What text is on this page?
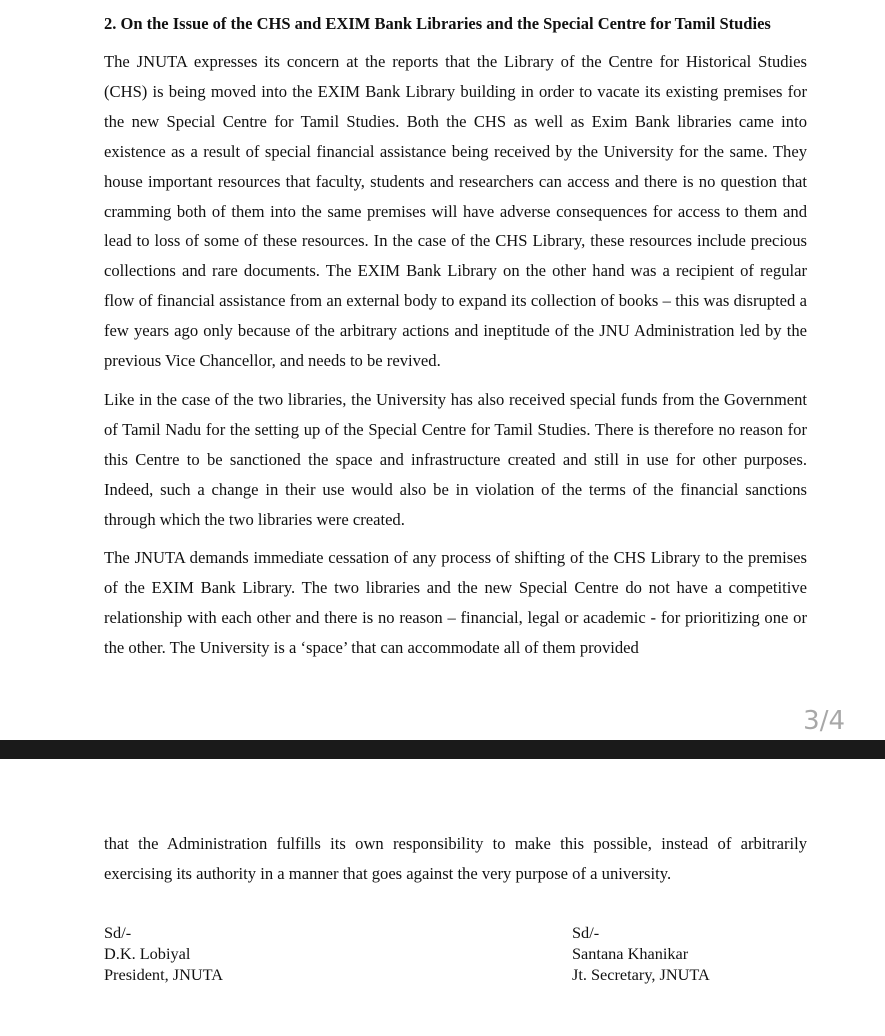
2. On the Issue of the CHS and EXIM Bank Libraries and the Special Centre for Tamil Studies

The JNUTA expresses its concern at the reports that the Library of the Centre for Historical Studies (CHS) is being moved into the EXIM Bank Library building in order to vacate its existing premises for the new Special Centre for Tamil Studies. Both the CHS as well as Exim Bank libraries came into existence as a result of special financial assistance being received by the University for the same. They house important resources that faculty, students and researchers can access and there is no question that cramming both of them into the same premises will have adverse consequences for access to them and lead to loss of some of these resources. In the case of the CHS Library, these resources include precious collections and rare documents. The EXIM Bank Library on the other hand was a recipient of regular flow of financial assistance from an external body to expand its collection of books – this was disrupted a few years ago only because of the arbitrary actions and ineptitude of the JNU Administration led by the previous Vice Chancellor, and needs to be revived.

Like in the case of the two libraries, the University has also received special funds from the Government of Tamil Nadu for the setting up of the Special Centre for Tamil Studies. There is therefore no reason for this Centre to be sanctioned the space and infrastructure created and still in use for other purposes. Indeed, such a change in their use would also be in violation of the terms of the financial sanctions through which the two libraries were created.

The JNUTA demands immediate cessation of any process of shifting of the CHS Library to the premises of the EXIM Bank Library. The two libraries and the new Special Centre do not have a competitive relationship with each other and there is no reason – financial, legal or academic - for prioritizing one or the other. The University is a ‘space’ that can accommodate all of them provided

3/4

that the Administration fulfills its own responsibility to make this possible, instead of arbitrarily exercising its authority in a manner that goes against the very purpose of a university.

Sd/-
D.K. Lobiyal
President, JNUTA
Sd/-
Santana Khanikar
Jt. Secretary, JNUTA
